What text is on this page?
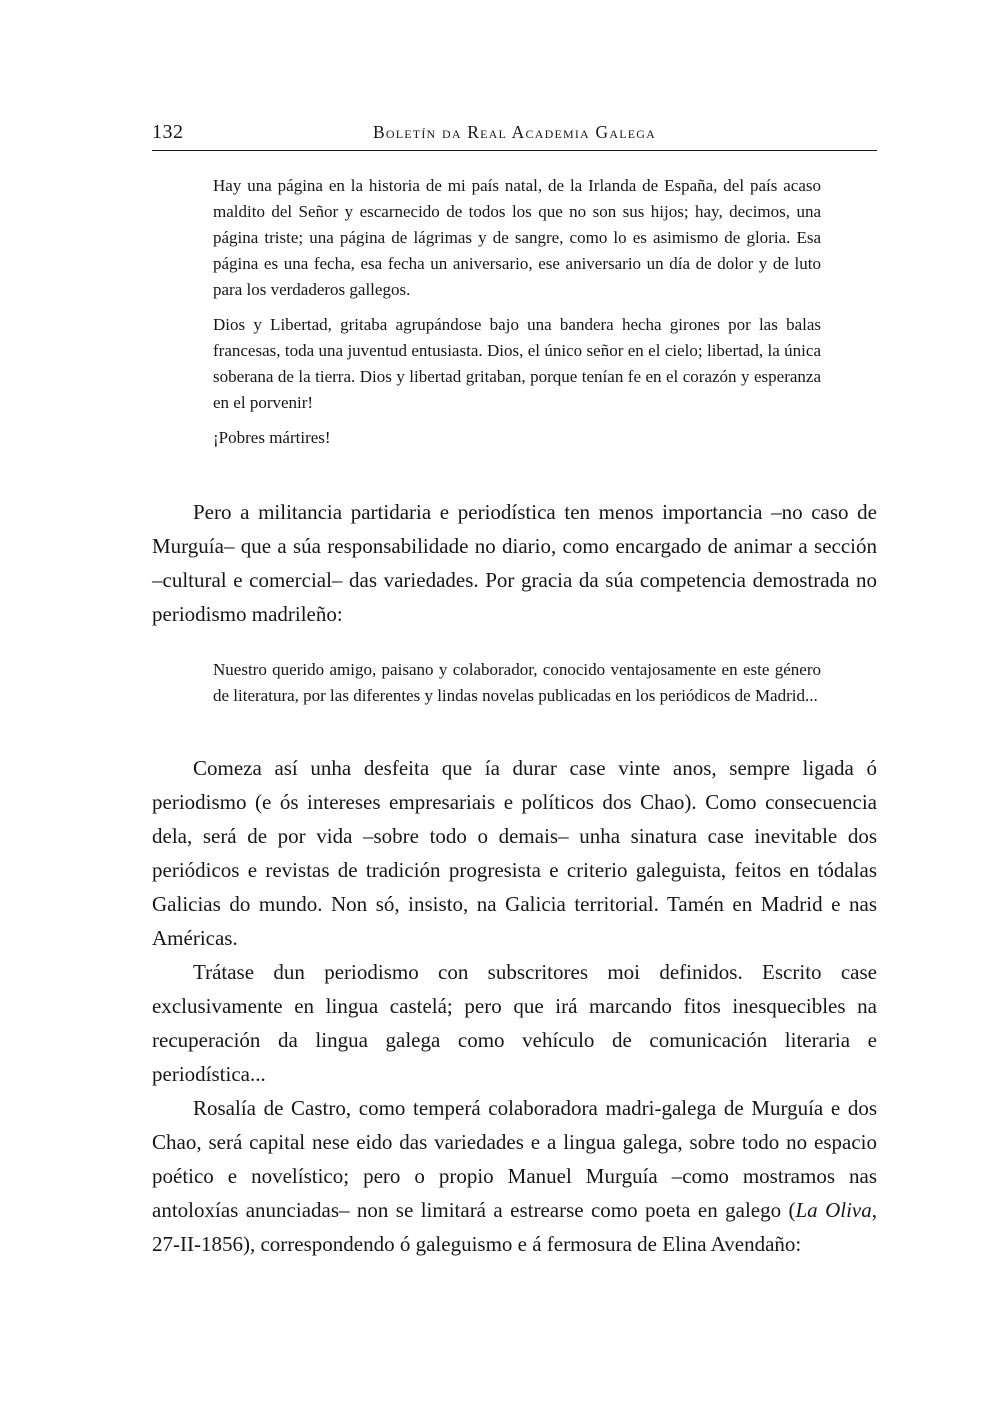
132	Boletín da Real Academia Galega

Hay una página en la historia de mi país natal, de la Irlanda de España, del país acaso maldito del Señor y escarnecido de todos los que no son sus hijos; hay, decimos, una página triste; una página de lágrimas y de sangre, como lo es asimismo de gloria. Esa página es una fecha, esa fecha un aniversario, ese aniversario un día de dolor y de luto para los verdaderos gallegos.

Dios y Libertad, gritaba agrupándose bajo una bandera hecha girones por las balas francesas, toda una juventud entusiasta. Dios, el único señor en el cielo; libertad, la única soberana de la tierra. Dios y libertad gritaban, porque tenían fe en el corazón y esperanza en el porvenir!

¡Pobres mártires!

Pero a militancia partidaria e periodística ten menos importancia –no caso de Murguía– que a súa responsabilidade no diario, como encargado de animar a sección –cultural e comercial– das variedades. Por gracia da súa competencia demostrada no periodismo madrileño:

Nuestro querido amigo, paisano y colaborador, conocido ventajosamente en este género de literatura, por las diferentes y lindas novelas publicadas en los periódicos de Madrid...

Comeza así unha desfeita que ía durar case vinte anos, sempre ligada ó periodismo (e ós intereses empresariais e políticos dos Chao). Como consecuencia dela, será de por vida –sobre todo o demais– unha sinatura case inevitable dos periódicos e revistas de tradición progresista e criterio galeguista, feitos en tódalas Galicias do mundo. Non só, insisto, na Galicia territorial. Tamén en Madrid e nas Américas.

Trátase dun periodismo con subscritores moi definidos. Escrito case exclusivamente en lingua castelá; pero que irá marcando fitos inesquecibles na recuperación da lingua galega como vehículo de comunicación literaria e periodística...

Rosalía de Castro, como temperá colaboradora madri-galega de Murguía e dos Chao, será capital nese eido das variedades e a lingua galega, sobre todo no espacio poético e novelístico; pero o propio Manuel Murguía –como mostramos nas antoloxías anunciadas– non se limitará a estrearse como poeta en galego (La Oliva, 27-II-1856), correspondendo ó galeguismo e á fermosura de Elina Avendaño:
